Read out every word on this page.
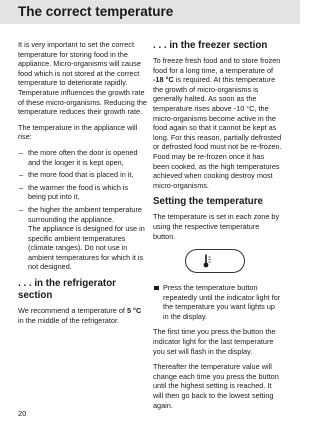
The correct temperature

It is very important to set the correct temperature for storing food in the appliance. Micro-organisms will cause food which is not stored at the correct temperature to deteriorate rapidly. Temperature influences the growth rate of these micro-organisms. Reducing the temperature reduces their growth rate.

The temperature in the appliance will rise:

– the more often the door is opened and the longer it is kept open,
– the more food that is placed in it,
– the warmer the food is which is being put into it,
– the higher the ambient temperature surrounding the appliance.
The appliance is designed for use in specific ambient temperatures (climate ranges). Do not use in ambient temperatures for which it is not designed.
. . . in the refrigerator section

We recommend a temperature of 5 °C in the middle of the refrigerator.

. . . in the freezer section

To freeze fresh food and to store frozen food for a long time, a temperature of -18 °C is required. At this temperature the growth of micro-organisms is generally halted. As soon as the temperature rises above -10 °C, the micro-organisms become active in the food again so that it cannot be kept as long. For this reason, partially defrosted or defrosted food must not be re-frozen. Food may be re-frozen once it has been cooked, as the high temperatures achieved when cooking destroy most micro-organisms.

Setting the temperature

The temperature is set in each zone by using the respective temperature button.

Press the temperature button repeatedly until the indicator light for the temperature you want lights up in the display.

The first time you press the button the indicator light for the last temperature you set will flash in the display.

Thereafter the temperature value will change each time you press the button until the highest setting is reached. It will then go back to the lowest setting again.

20
